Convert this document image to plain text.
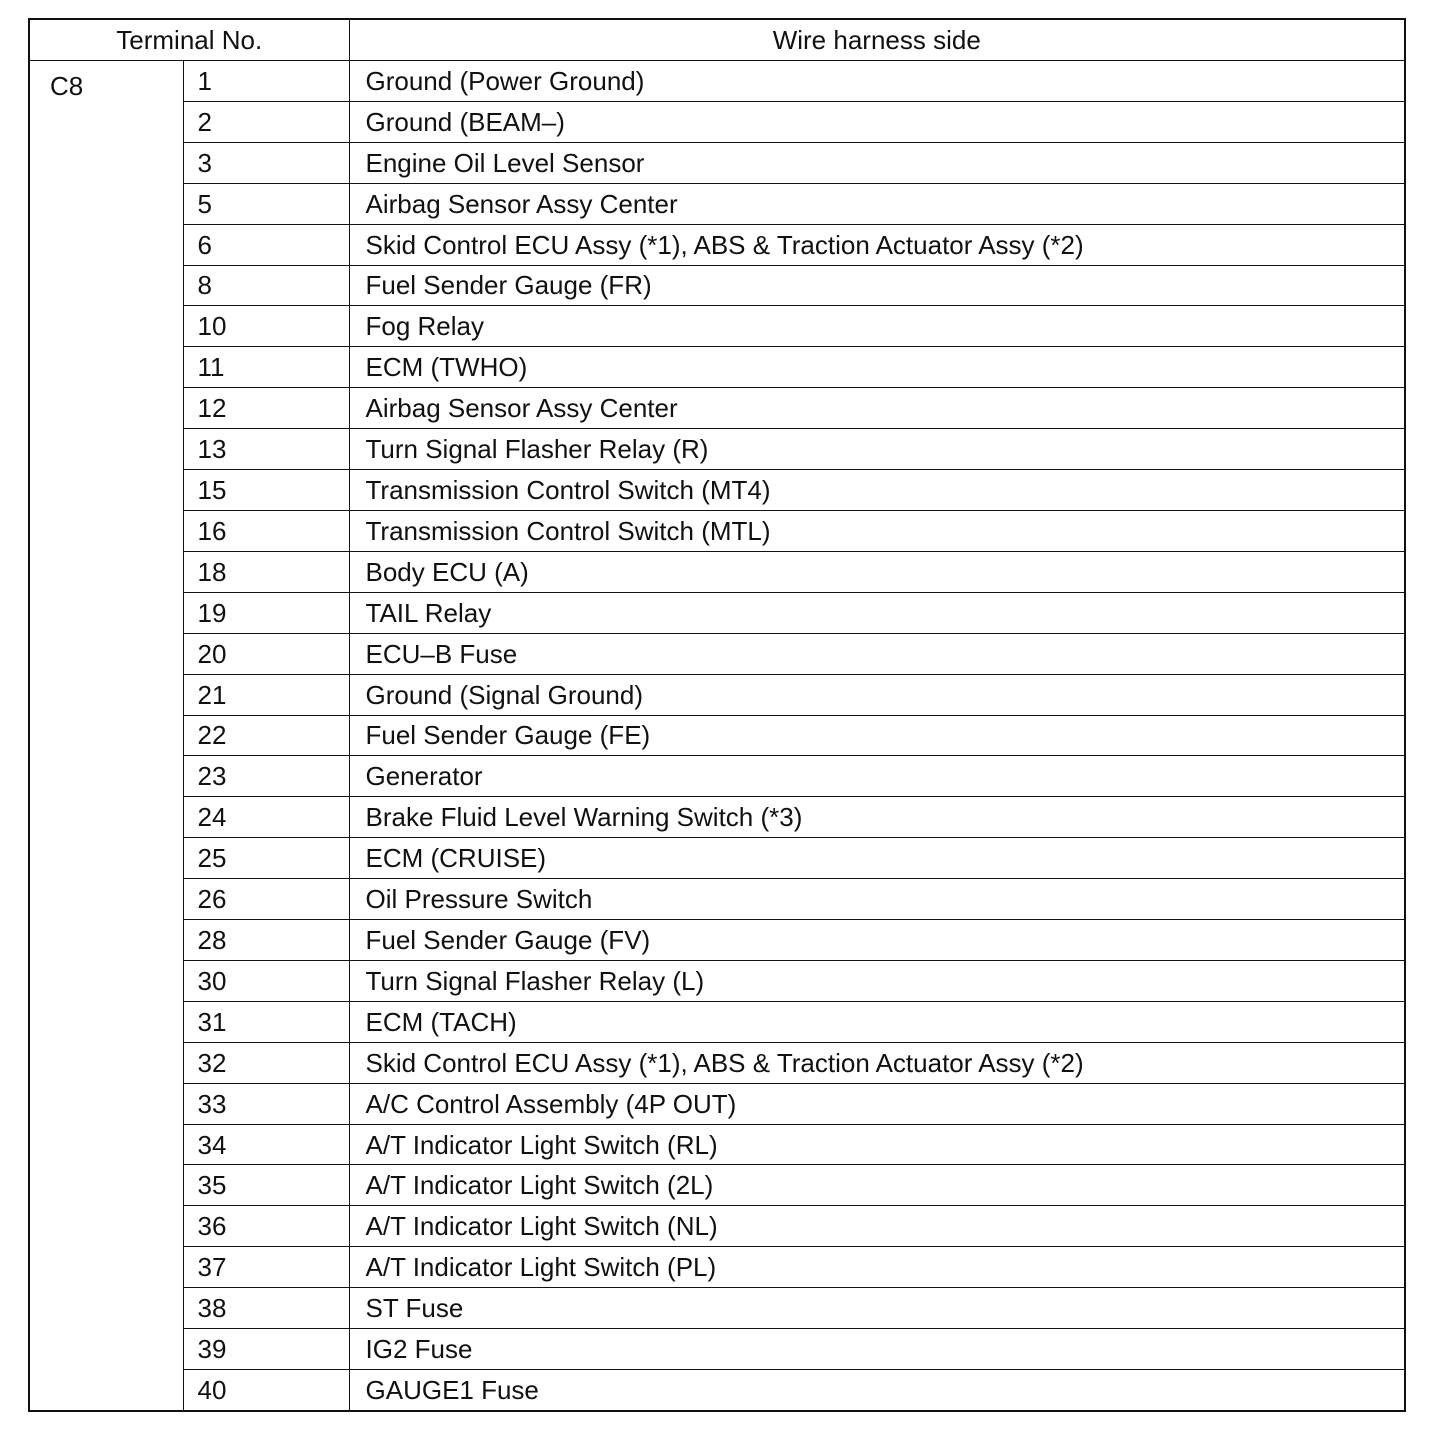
Terminal No.		Wire harness side
C8	1	Ground (Power Ground)
	2	Ground (BEAM–)
	3	Engine Oil Level Sensor
	5	Airbag Sensor Assy Center
	6	Skid Control ECU Assy (*1), ABS & Traction Actuator Assy (*2)
	8	Fuel Sender Gauge (FR)
	10	Fog Relay
	11	ECM (TWHO)
	12	Airbag Sensor Assy Center
	13	Turn Signal Flasher Relay (R)
	15	Transmission Control Switch (MT4)
	16	Transmission Control Switch (MTL)
	18	Body ECU (A)
	19	TAIL Relay
	20	ECU–B Fuse
	21	Ground (Signal Ground)
	22	Fuel Sender Gauge (FE)
	23	Generator
	24	Brake Fluid Level Warning Switch (*3)
	25	ECM (CRUISE)
	26	Oil Pressure Switch
	28	Fuel Sender Gauge (FV)
	30	Turn Signal Flasher Relay (L)
	31	ECM (TACH)
	32	Skid Control ECU Assy (*1), ABS & Traction Actuator Assy (*2)
	33	A/C Control Assembly (4P OUT)
	34	A/T Indicator Light Switch (RL)
	35	A/T Indicator Light Switch (2L)
	36	A/T Indicator Light Switch (NL)
	37	A/T Indicator Light Switch (PL)
	38	ST Fuse
	39	IG2 Fuse
	40	GAUGE1 Fuse
